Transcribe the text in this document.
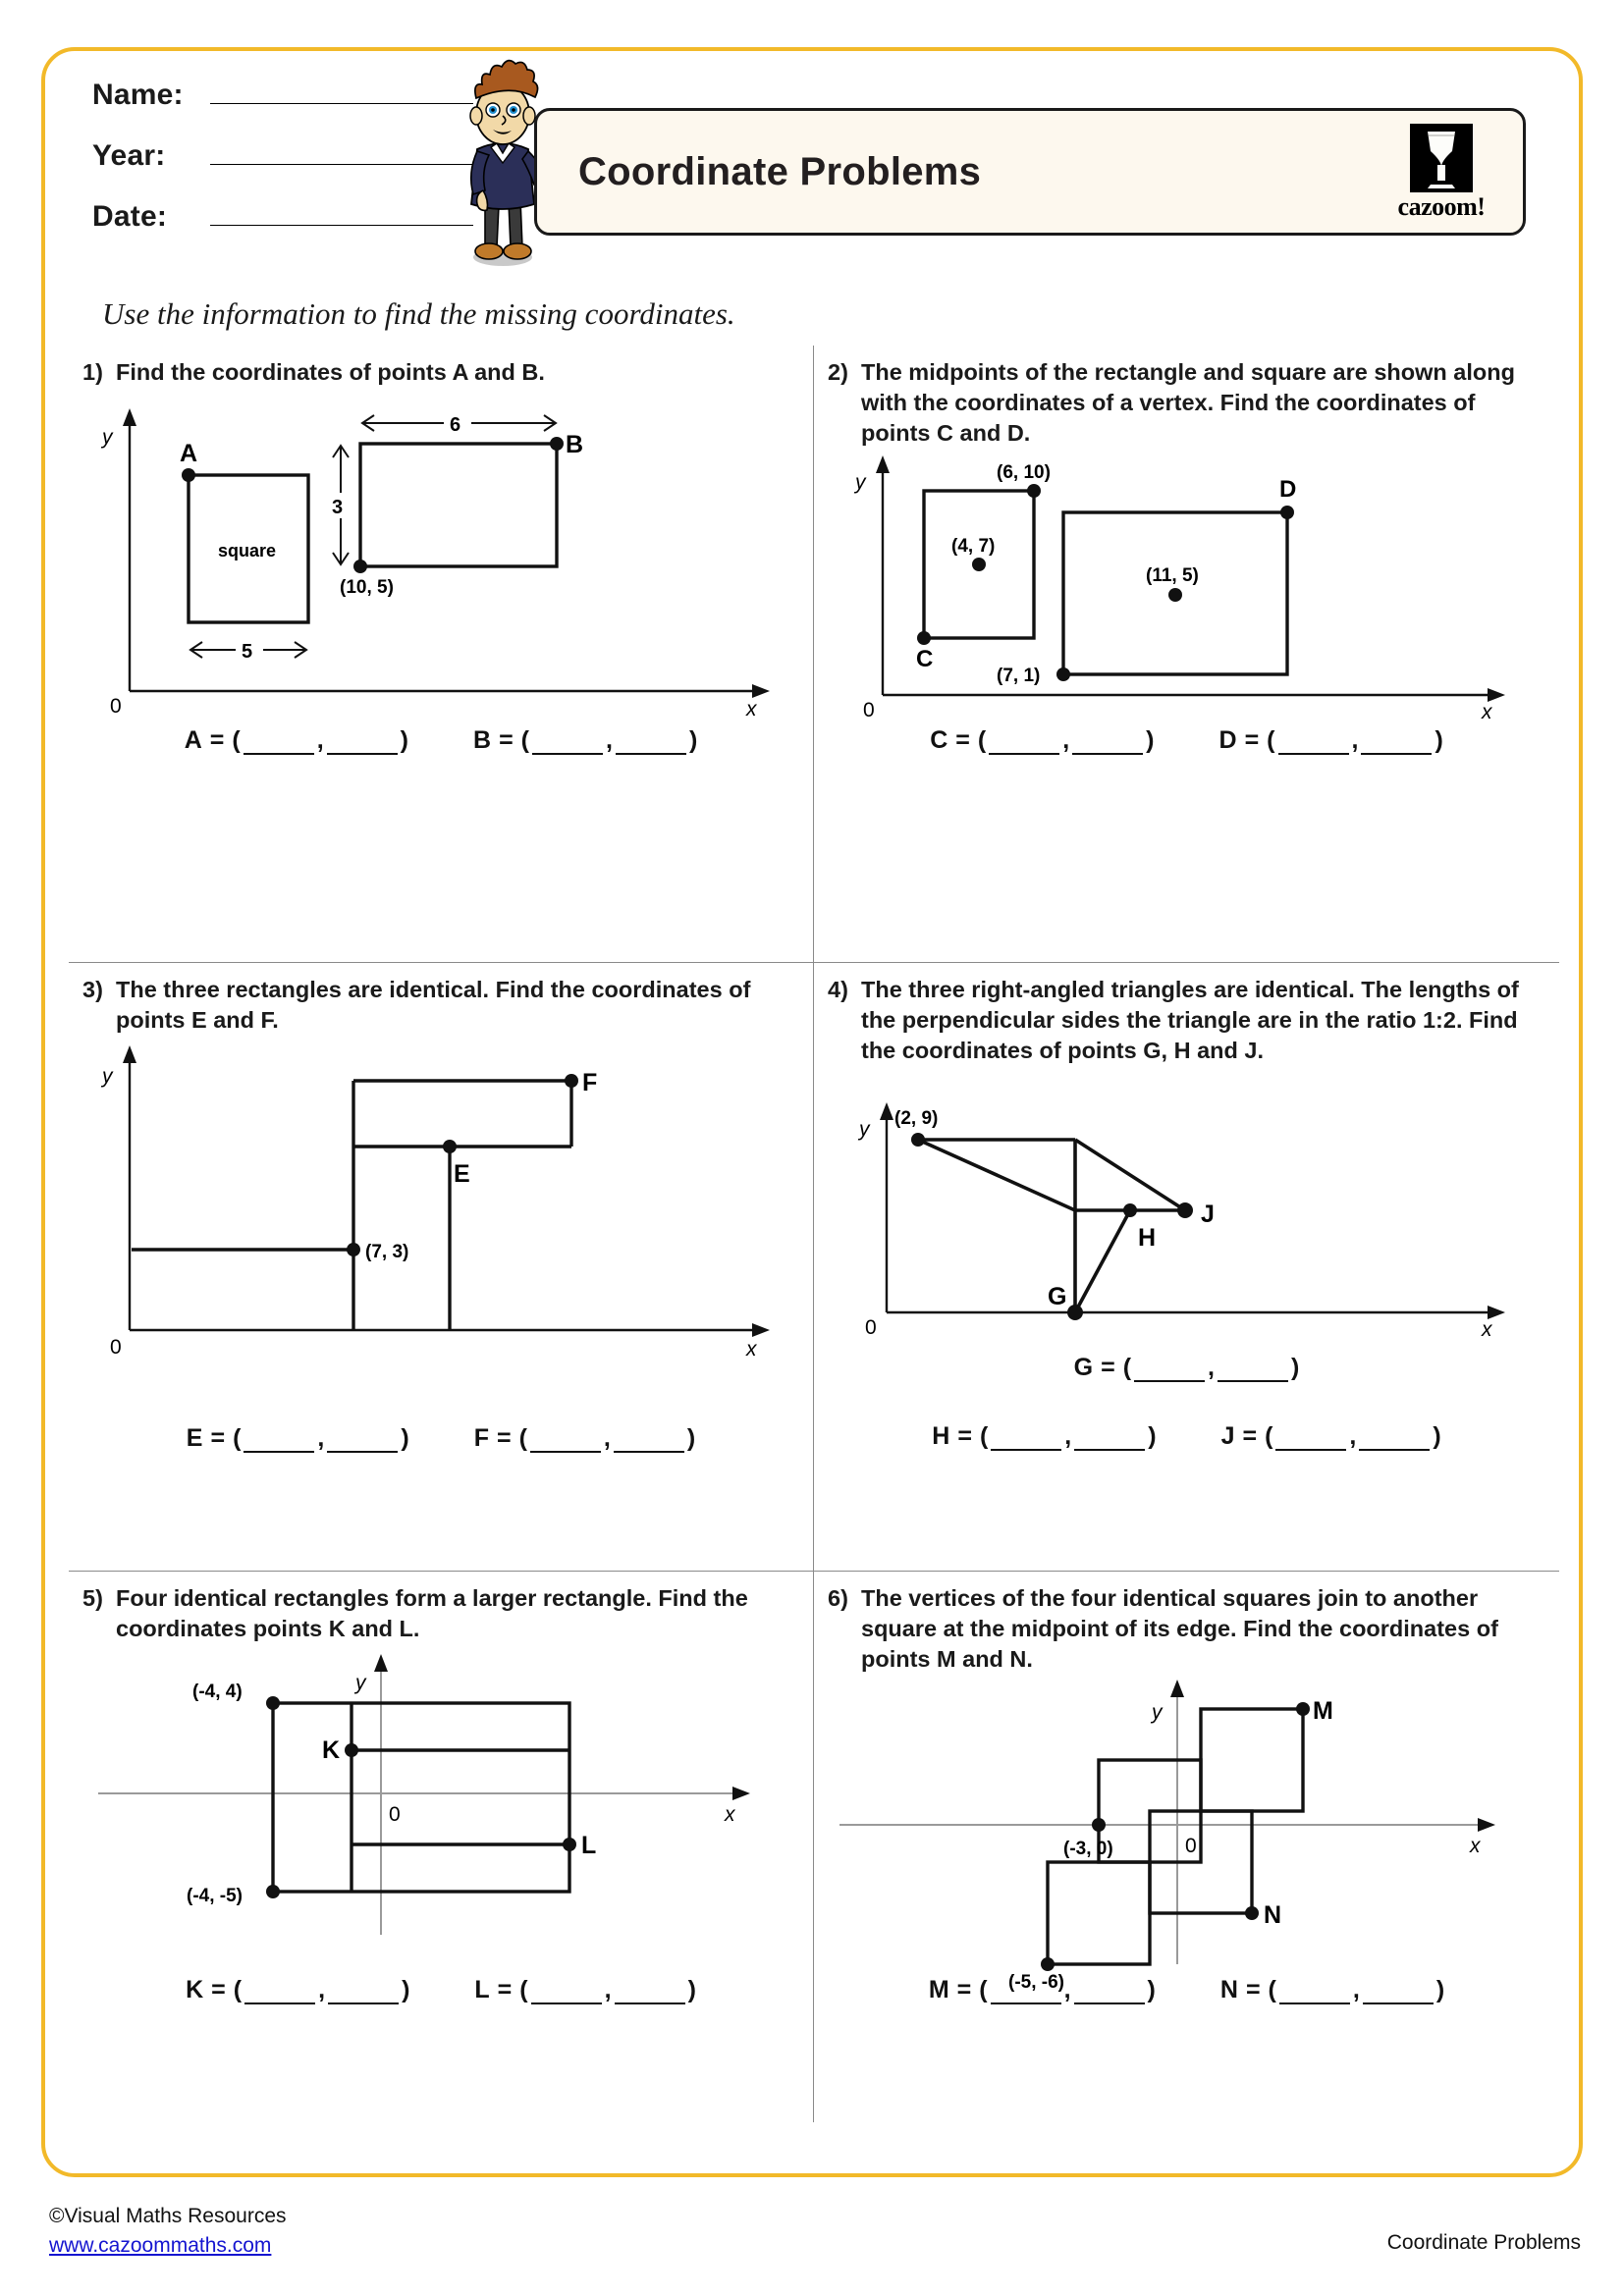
Name:
Year:
Date:
Coordinate Problems
cazoom!
Use the information to find the missing coordinates.
1) Find the coordinates of points A and B.
y
x
0
A
square
5
B
(10, 5)
6
3
A = (	,	)	B = (	,	)
2) The midpoints of the rectangle and square are shown along with the coordinates of a vertex. Find the coordinates of points C and D.
y
x
0
(6, 10)
(4, 7)
C
D
(11, 5)
(7, 1)
C = (	,	)	D = (	,	)
3) The three rectangles are identical. Find the coordinates of points E and F.
y
x
0
F
E
(7, 3)
E = (	,	)	F = (	,	)
4) The three right-angled triangles are identical. The lengths of the perpendicular sides the triangle are in the ratio 1:2. Find the coordinates of points G, H and J.
y
x
0
(2, 9)
G
H
J
G = (	,	)
H = (	,	)	J = (	,	)
5) Four identical rectangles form a larger rectangle. Find the coordinates points K and L.
y
x
0
(-4, 4)
(-4, -5)
K
L
K = (	,	)	L = (	,	)
6) The vertices of the four identical squares join to another square at the midpoint of its edge. Find the coordinates of points M and N.
y
x
0
M
(-3, 0)
N
(-5, -6)
M = (	,	)	N = (	,	)
©Visual Maths Resources
www.cazoommaths.com	Coordinate Problems
